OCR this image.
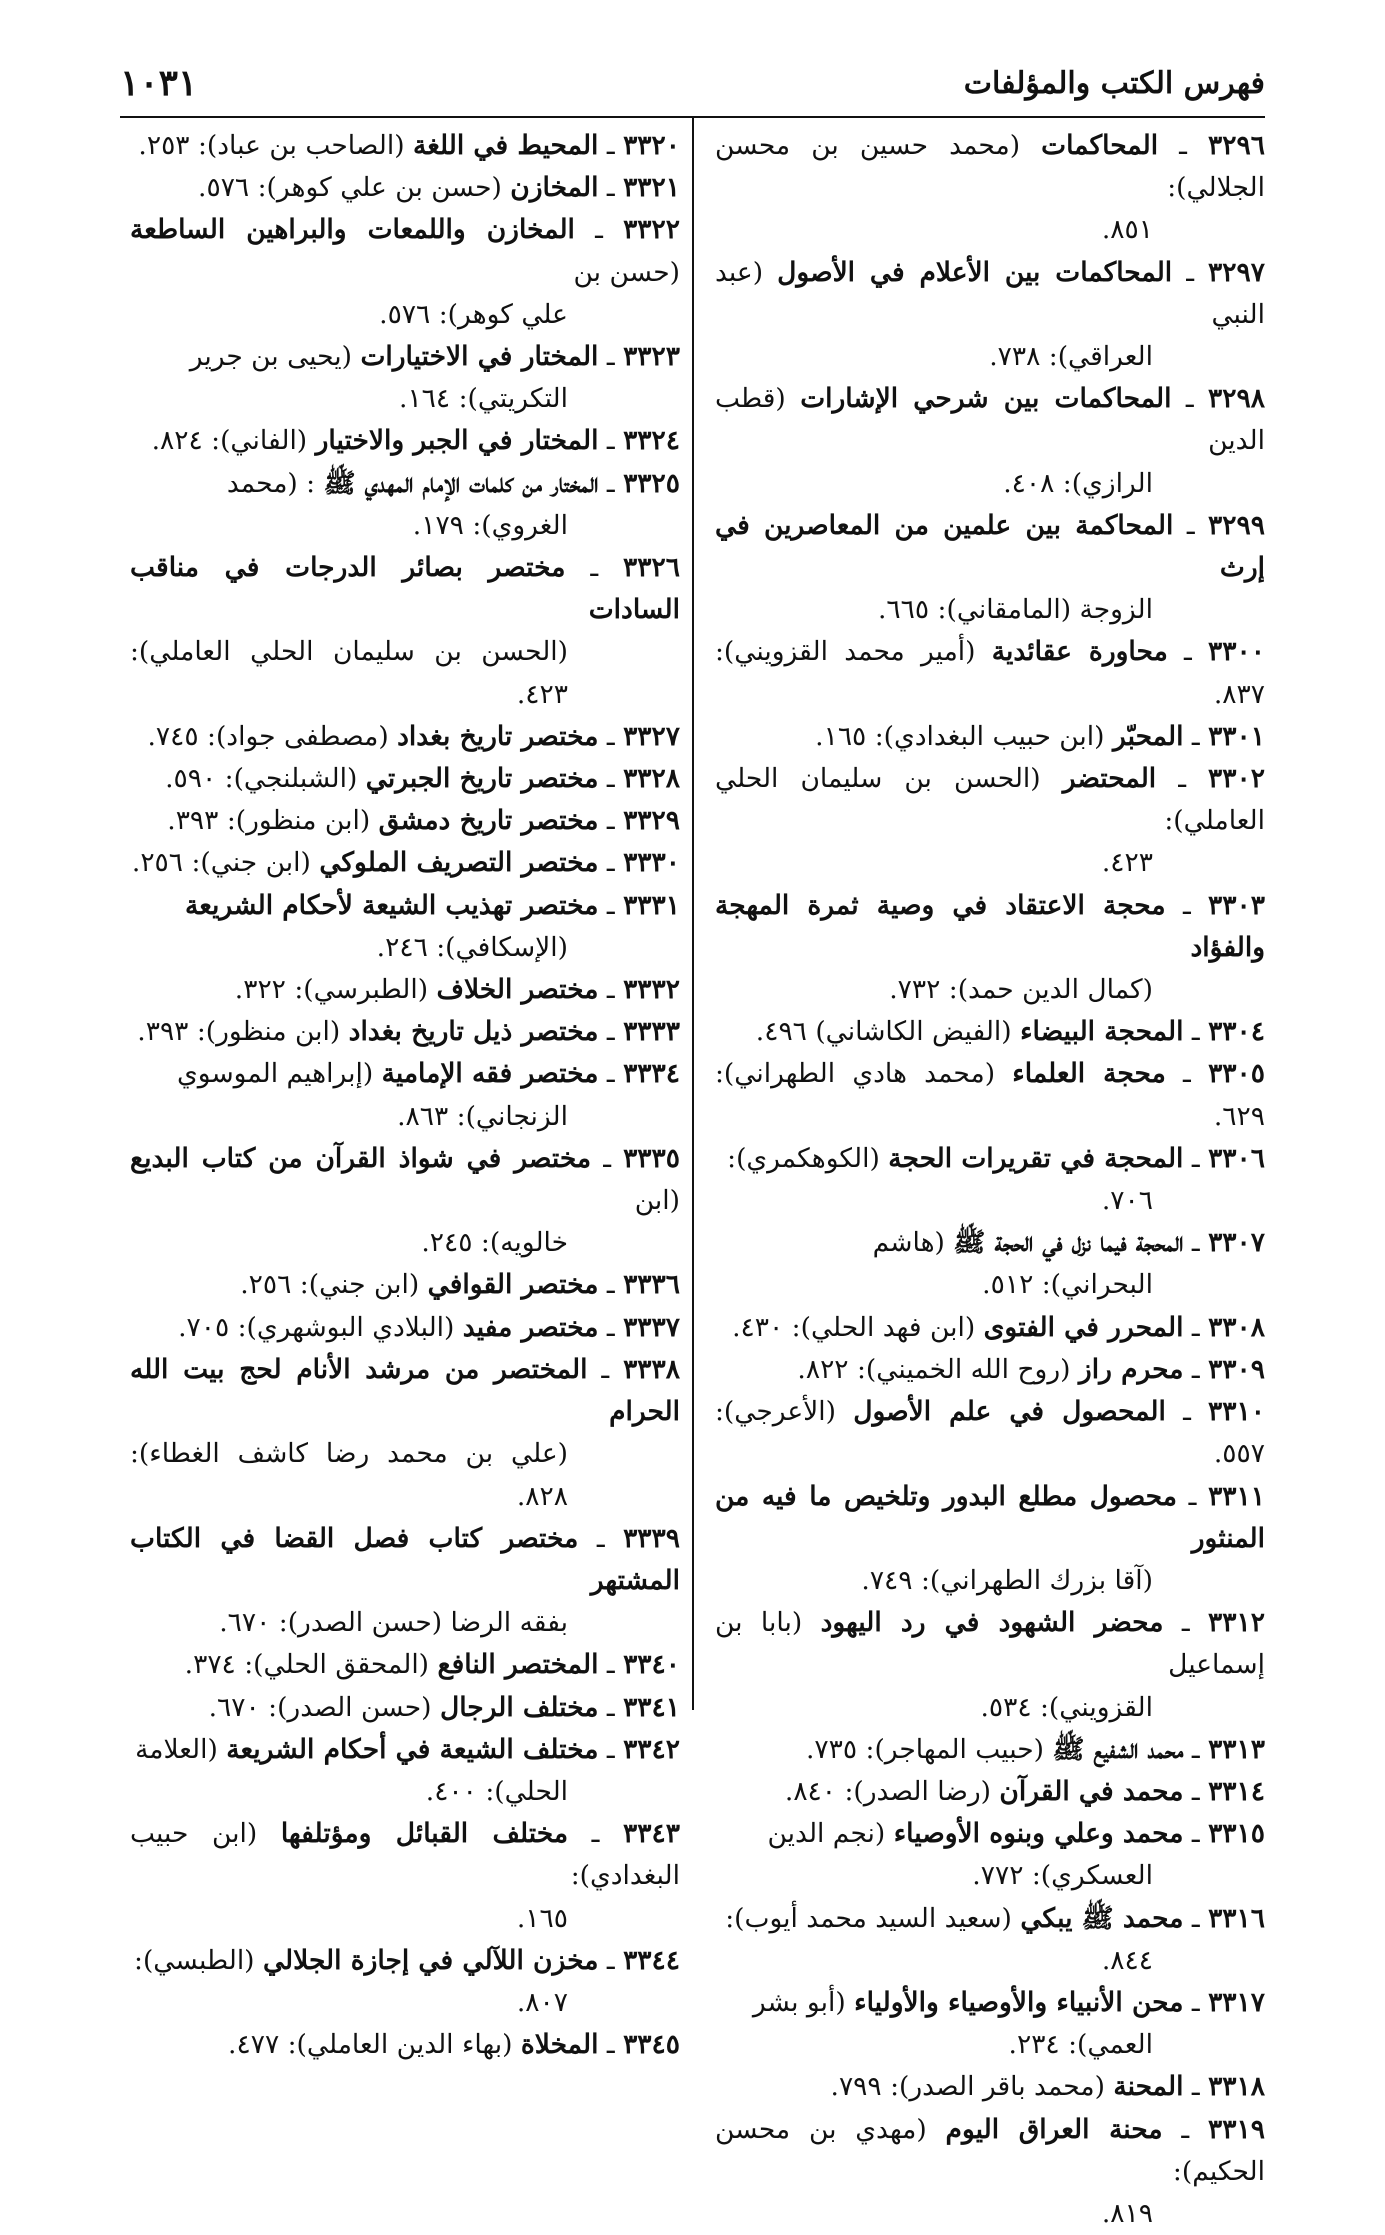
فهرس الكتب والمؤلفات
١٠٣١

٣٢٩٦ ـ المحاكمات (محمد حسين بن محسن الجلالي):
٨٥١.

٣٢٩٧ ـ المحاكمات بين الأعلام في الأصول (عبد النبي
العراقي): ٧٣٨.

٣٢٩٨ ـ المحاكمات بين شرحي الإشارات (قطب الدين
الرازي): ٤٠٨.

٣٢٩٩ ـ المحاكمة بين علمين من المعاصرين في إرث
الزوجة (المامقاني): ٦٦٥.

٣٣٠٠ ـ محاورة عقائدية (أمير محمد القزويني): ٨٣٧.

٣٣٠١ ـ المحبّر (ابن حبيب البغدادي): ١٦٥.

٣٣٠٢ ـ المحتضر (الحسن بن سليمان الحلي العاملي):
٤٢٣.

٣٣٠٣ ـ محجة الاعتقاد في وصية ثمرة المهجة والفؤاد
(كمال الدين حمد): ٧٣٢.

٣٣٠٤ ـ المحجة البيضاء (الفيض الكاشاني) ٤٩٦.

٣٣٠٥ ـ محجة العلماء (محمد هادي الطهراني): ٦٢٩.

٣٣٠٦ ـ المحجة في تقريرات الحجة (الكوهكمري):
٧٠٦.

٣٣٠٧ ـ المحجة فيما نزل في الحجة ﷺ (هاشم
البحراني): ٥١٢.

٣٣٠٨ ـ المحرر في الفتوى (ابن فهد الحلي): ٤٣٠.

٣٣٠٩ ـ محرم راز (روح الله الخميني): ٨٢٢.

٣٣١٠ ـ المحصول في علم الأصول (الأعرجي): ٥٥٧.

٣٣١١ ـ محصول مطلع البدور وتلخيص ما فيه من المنثور
(آقا بزرك الطهراني): ٧٤٩.

٣٣١٢ ـ محضر الشهود في رد اليهود (بابا بن إسماعيل
القزويني): ٥٣٤.

٣٣١٣ ـ محمد الشفيع ﷺ (حبيب المهاجر): ٧٣٥.

٣٣١٤ ـ محمد في القرآن (رضا الصدر): ٨٤٠.

٣٣١٥ ـ محمد وعلي وبنوه الأوصياء (نجم الدين
العسكري): ٧٧٢.

٣٣١٦ ـ محمد ﷺ يبكي (سعيد السيد محمد أيوب):
٨٤٤.

٣٣١٧ ـ محن الأنبياء والأوصياء والأولياء (أبو بشر
العمي): ٢٣٤.

٣٣١٨ ـ المحنة (محمد باقر الصدر): ٧٩٩.

٣٣١٩ ـ محنة العراق اليوم (مهدي بن محسن الحكيم):
٨١٩.

٣٣٢٠ ـ المحيط في اللغة (الصاحب بن عباد): ٢٥٣.

٣٣٢١ ـ المخازن (حسن بن علي كوهر): ٥٧٦.

٣٣٢٢ ـ المخازن واللمعات والبراهين الساطعة (حسن بن
علي كوهر): ٥٧٦.

٣٣٢٣ ـ المختار في الاختيارات (يحيى بن جرير
التكريتي): ١٦٤.

٣٣٢٤ ـ المختار في الجبر والاختيار (الفاني): ٨٢٤.

٣٣٢٥ ـ المختار من كلمات الإمام المهدي ﷺ : (محمد
الغروي): ١٧٩.

٣٣٢٦ ـ مختصر بصائر الدرجات في مناقب السادات
(الحسن بن سليمان الحلي العاملي): ٤٢٣.

٣٣٢٧ ـ مختصر تاريخ بغداد (مصطفى جواد): ٧٤٥.

٣٣٢٨ ـ مختصر تاريخ الجبرتي (الشبلنجي): ٥٩٠.

٣٣٢٩ ـ مختصر تاريخ دمشق (ابن منظور): ٣٩٣.

٣٣٣٠ ـ مختصر التصريف الملوكي (ابن جني): ٢٥٦.

٣٣٣١ ـ مختصر تهذيب الشيعة لأحكام الشريعة
(الإسكافي): ٢٤٦.

٣٣٣٢ ـ مختصر الخلاف (الطبرسي): ٣٢٢.

٣٣٣٣ ـ مختصر ذيل تاريخ بغداد (ابن منظور): ٣٩٣.

٣٣٣٤ ـ مختصر فقه الإمامية (إبراهيم الموسوي
الزنجاني): ٨٦٣.

٣٣٣٥ ـ مختصر في شواذ القرآن من كتاب البديع (ابن
خالويه): ٢٤٥.

٣٣٣٦ ـ مختصر القوافي (ابن جني): ٢٥٦.

٣٣٣٧ ـ مختصر مفيد (البلادي البوشهري): ٧٠٥.

٣٣٣٨ ـ المختصر من مرشد الأنام لحج بيت الله الحرام
(علي بن محمد رضا كاشف الغطاء): ٨٢٨.

٣٣٣٩ ـ مختصر كتاب فصل القضا في الكتاب المشتهر
بفقه الرضا (حسن الصدر): ٦٧٠.

٣٣٤٠ ـ المختصر النافع (المحقق الحلي): ٣٧٤.

٣٣٤١ ـ مختلف الرجال (حسن الصدر): ٦٧٠.

٣٣٤٢ ـ مختلف الشيعة في أحكام الشريعة (العلامة
الحلي): ٤٠٠.

٣٣٤٣ ـ مختلف القبائل ومؤتلفها (ابن حبيب البغدادي):
١٦٥.

٣٣٤٤ ـ مخزن اللآلي في إجازة الجلالي (الطبسي):
٨٠٧.

٣٣٤٥ ـ المخلاة (بهاء الدين العاملي): ٤٧٧.
